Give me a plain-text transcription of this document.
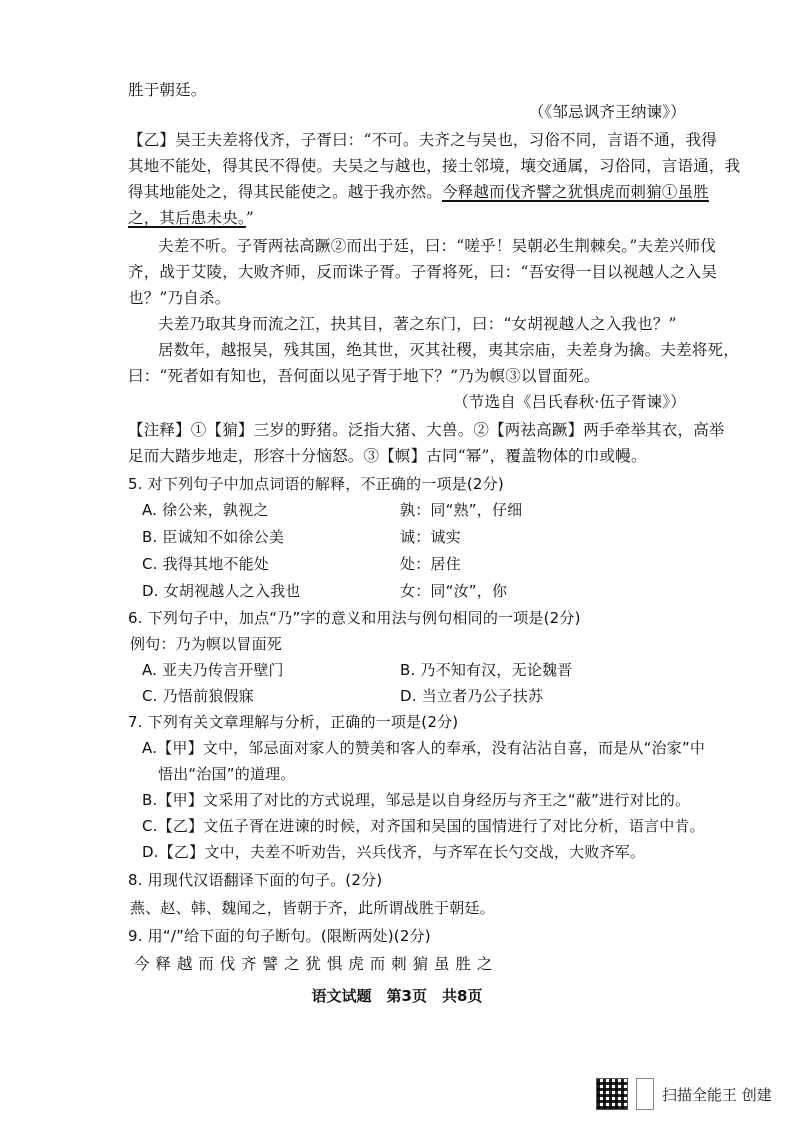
胜于朝廷。
（《邹忌讽齐王纳谏》）
【乙】吴王夫差将伐齐，子胥曰：“不可。夫齐之与吴也，习俗不同，言语不通，我得
其地不能处，得其民不得使。夫吴之与越也，接土邻境，壤交通属，习俗同，言语通，我
得其地能处之，得其民能使之。越于我亦然。今释越而伐齐譬之犹惧虎而刺猏①虽胜
之，其后患未央。”
夫差不听。子胥两祛高蹶②而出于廷，曰：“嗟乎！吴朝必生荆棘矣。”夫差兴师伐
齐，战于艾陵，大败齐师，反而诛子胥。子胥将死，曰：“吾安得一目以视越人之入吴
也？”乃自杀。
夫差乃取其身而流之江，抉其目，著之东门，曰：“女胡视越人之入我也？”
居数年，越报吴，残其国，绝其世，灭其社稷，夷其宗庙，夫差身为擒。夫差将死，
曰：“死者如有知也，吾何面以见子胥于地下？”乃为幎③以冒面死。
（节选自《吕氏春秋·伍子胥谏》）
【注释】①【猏】三岁的野猪。泛指大猪、大兽。②【两祛高蹶】两手牵举其衣，高举
足而大踏步地走，形容十分恼怒。③【幎】古同“幂”，覆盖物体的巾或幔。
5. 对下列句子中加点词语的解释，不正确的一项是(2分)
A. 徐公来，孰视之	孰：同“熟”，仔细
B. 臣诚知不如徐公美	诚：诚实
C. 我得其地不能处	处：居住
D. 女胡视越人之入我也	女：同“汝”，你
6. 下列句子中，加点“乃”字的意义和用法与例句相同的一项是(2分)
例句：乃为幎以冒面死
A. 亚夫乃传言开壁门	B. 乃不知有汉，无论魏晋
C. 乃悟前狼假寐	D. 当立者乃公子扶苏
7. 下列有关文章理解与分析，正确的一项是(2分)
A.【甲】文中，邹忌面对家人的赞美和客人的奉承，没有沾沾自喜，而是从“治家”中
悟出“治国”的道理。
B.【甲】文采用了对比的方式说理，邹忌是以自身经历与齐王之“蔽”进行对比的。
C.【乙】文伍子胥在进谏的时候，对齐国和吴国的国情进行了对比分析，语言中肯。
D.【乙】文中，夫差不听劝告，兴兵伐齐，与齐军在长勺交战，大败齐军。
8. 用现代汉语翻译下面的句子。(2分)
燕、赵、韩、魏闻之，皆朝于齐，此所谓战胜于朝廷。
9. 用“/”给下面的句子断句。(限断两处)(2分)
今 释 越 而 伐 齐 譬 之 犹 惧 虎 而 刺 猏 虽 胜 之
语文试题　第3页　共8页
扫描全能王 创建
